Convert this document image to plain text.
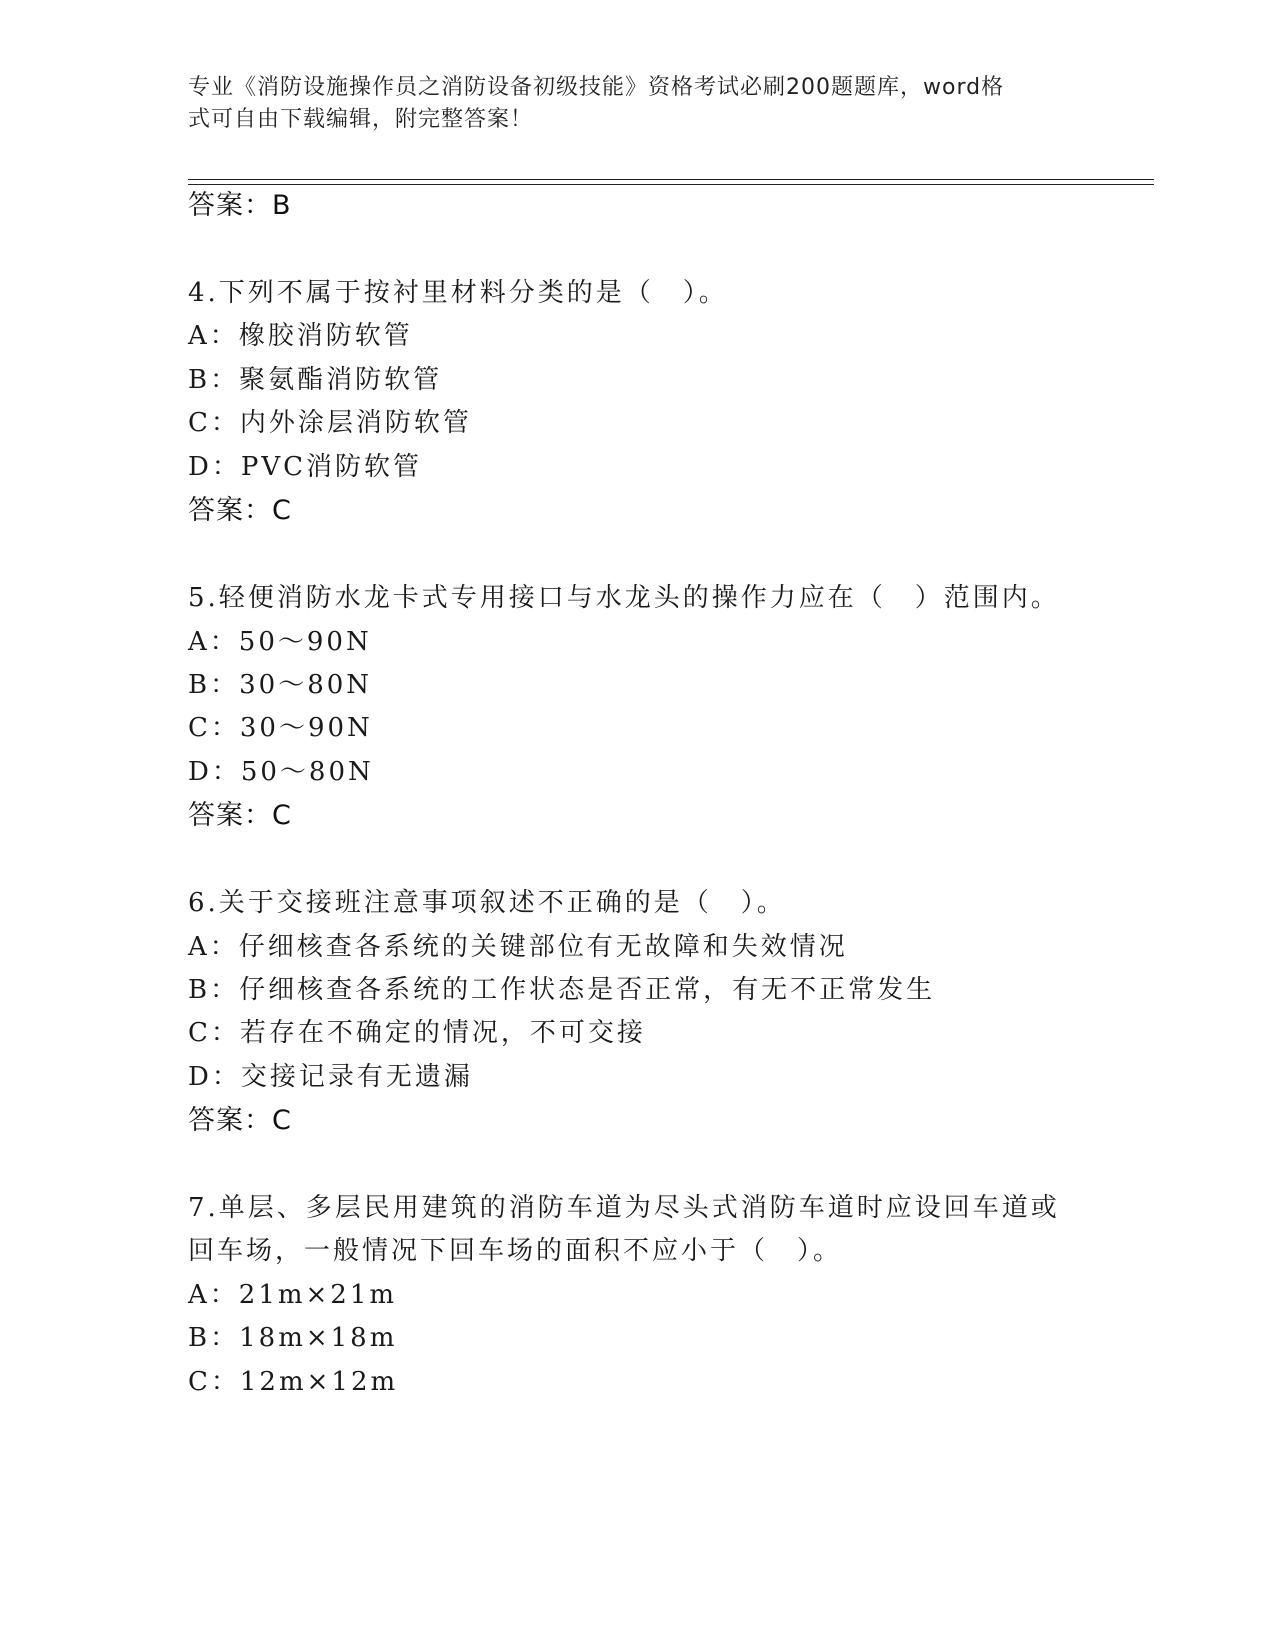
专业《消防设施操作员之消防设备初级技能》资格考试必刷200题题库，word格
式可自由下载编辑，附完整答案！
答案：B
4.下列不属于按衬里材料分类的是（　）。
A：橡胶消防软管
B：聚氨酯消防软管
C：内外涂层消防软管
D：PVC消防软管
答案：C
5.轻便消防水龙卡式专用接口与水龙头的操作力应在（　）范围内。
A：50～90N
B：30～80N
C：30～90N
D：50～80N
答案：C
6.关于交接班注意事项叙述不正确的是（　）。
A：仔细核查各系统的关键部位有无故障和失效情况
B：仔细核查各系统的工作状态是否正常，有无不正常发生
C：若存在不确定的情况，不可交接
D：交接记录有无遗漏
答案：C
7.单层、多层民用建筑的消防车道为尽头式消防车道时应设回车道或
回车场，一般情况下回车场的面积不应小于（　）。
A：21m×21m
B：18m×18m
C：12m×12m
